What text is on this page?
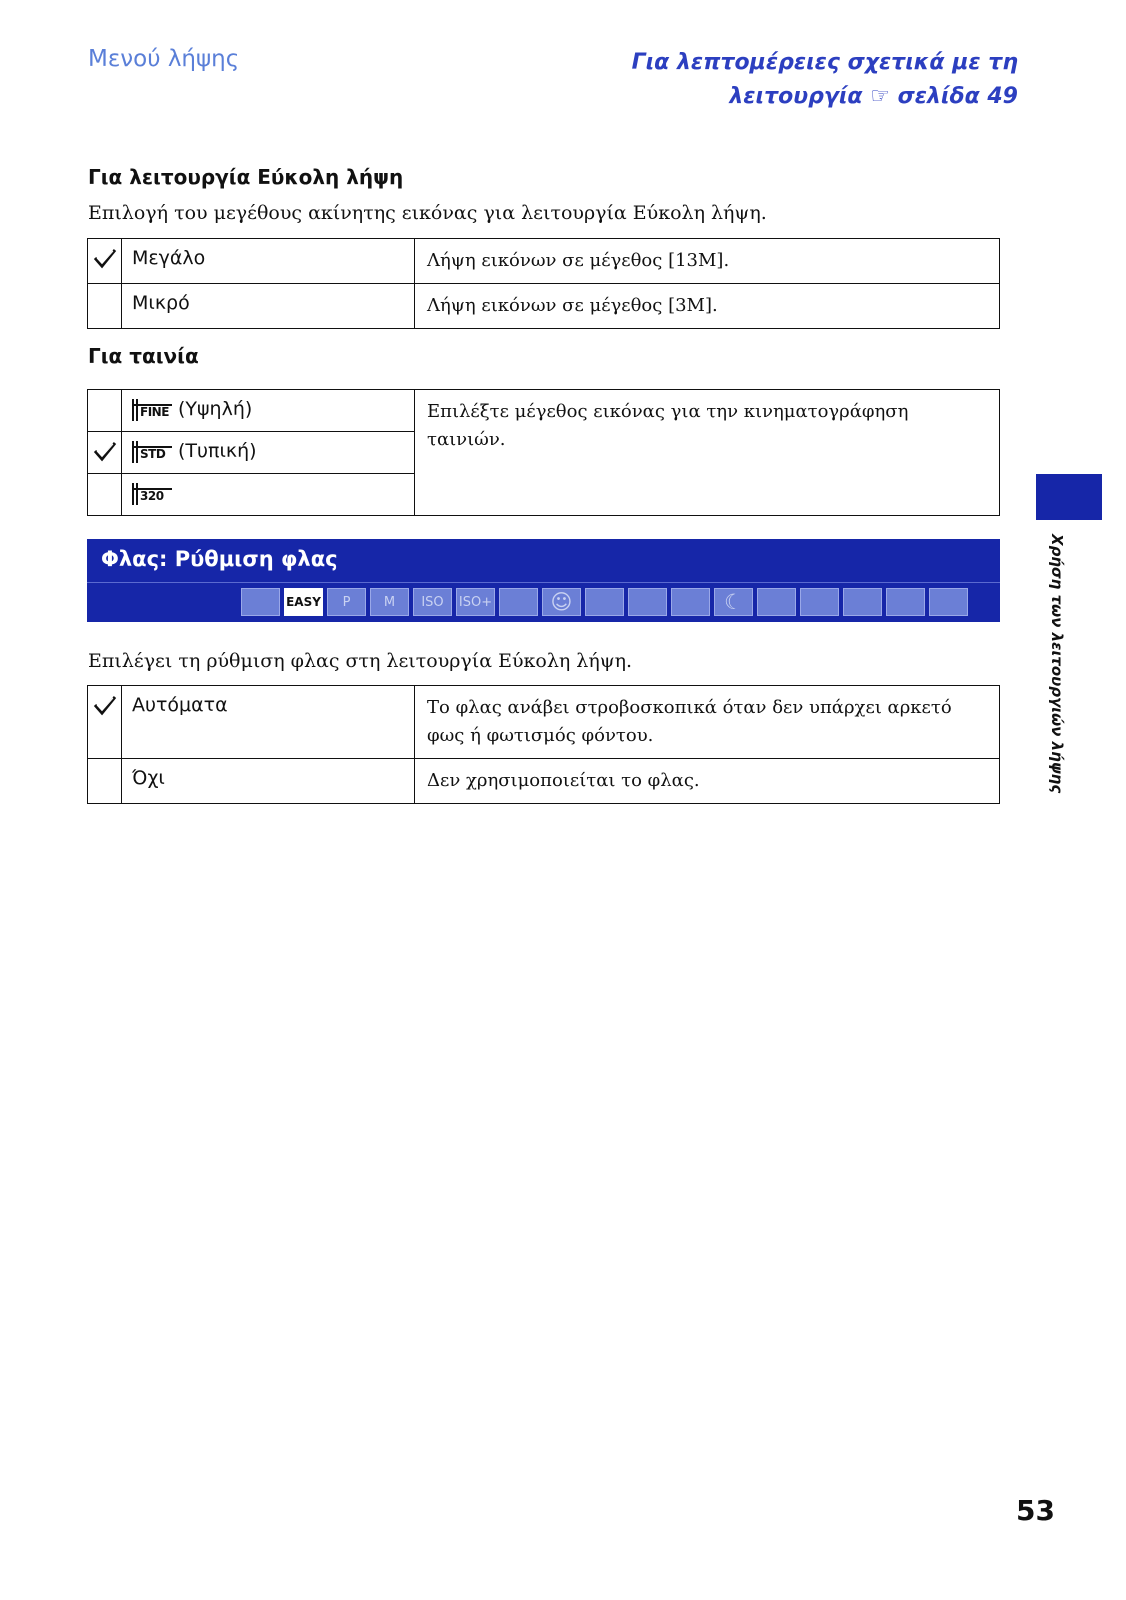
Μενού λήψης	Για λεπτομέρειες σχετικά με τη
λειτουργία ☞ σελίδα 49
Για λειτουργία Εύκολη λήψη
Επιλογή του μεγέθους ακίνητης εικόνας για λειτουργία Εύκολη λήψη.
	Μεγάλο	Λήψη εικόνων σε μέγεθος [13M].
	Μικρό	Λήψη εικόνων σε μέγεθος [3M].
Για ταινία

	FINE (Υψηλή)	Επιλέξτε μέγεθος εικόνας για την κινηματογράφηση ταινιών.

STD (Τυπική)	

	320	
Φλας: Ρύθμιση φλας
EASY P	M ISO ISO+	☺	☾
Επιλέγει τη ρύθμιση φλας στη λειτουργία Εύκολη λήψη.
	Αυτόματα	Το φλας ανάβει στροβοσκοπικά όταν δεν υπάρχει αρκετό φως ή φωτισμός φόντου.
	Όχι	Δεν χρησιμοποιείται το φλας.	Χρήση των λειτουργιών λήψης
53
